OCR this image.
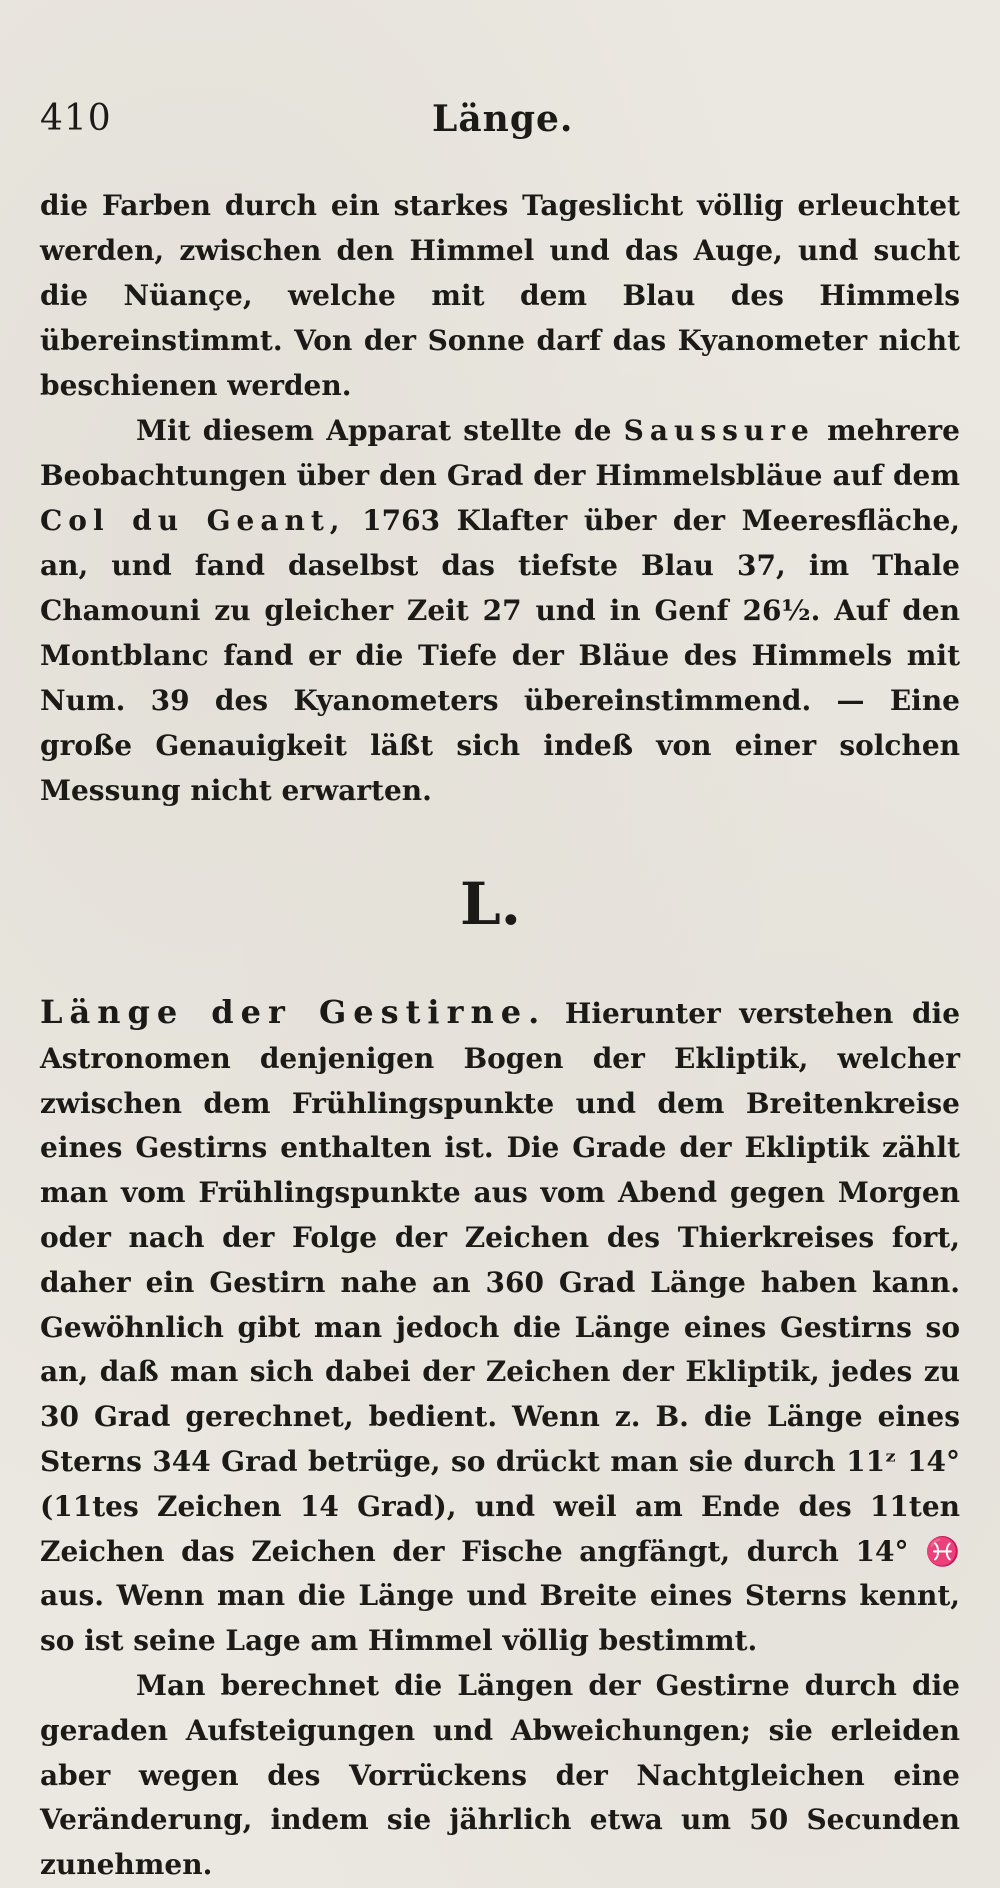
410	Länge.

die Farben durch ein starkes Tageslicht völlig erleuchtet werden, zwischen den Himmel und das Auge, und sucht die Nüançe, welche mit dem Blau des Himmels übereinstimmt. Von der Sonne darf das Kyanometer nicht beschienen werden.

Mit diesem Apparat stellte de Saussure mehrere Beobachtungen über den Grad der Himmelsbläue auf dem Col du Geant, 1763 Klafter über der Meeresfläche, an, und fand daselbst das tiefste Blau 37, im Thale Chamouni zu gleicher Zeit 27 und in Genf 26½. Auf den Montblanc fand er die Tiefe der Bläue des Himmels mit Num. 39 des Kyanometers übereinstimmend. — Eine große Genauigkeit läßt sich indeß von einer solchen Messung nicht erwarten.

L.

Länge der Gestirne. Hierunter verstehen die Astronomen denjenigen Bogen der Ekliptik, welcher zwischen dem Frühlingspunkte und dem Breitenkreise eines Gestirns enthalten ist. Die Grade der Ekliptik zählt man vom Frühlingspunkte aus vom Abend gegen Morgen oder nach der Folge der Zeichen des Thierkreises fort, daher ein Gestirn nahe an 360 Grad Länge haben kann. Gewöhnlich gibt man jedoch die Länge eines Gestirns so an, daß man sich dabei der Zeichen der Ekliptik, jedes zu 30 Grad gerechnet, bedient. Wenn z. B. die Länge eines Sterns 344 Grad betrüge, so drückt man sie durch 11ᶻ 14° (11tes Zeichen 14 Grad), und weil am Ende des 11ten Zeichen das Zeichen der Fische angfängt, durch 14° ♓ aus. Wenn man die Länge und Breite eines Sterns kennt, so ist seine Lage am Himmel völlig bestimmt.

Man berechnet die Längen der Gestirne durch die geraden Aufsteigungen und Abweichungen; sie erleiden aber wegen des Vorrückens der Nachtgleichen eine Veränderung, indem sie jährlich etwa um 50 Secunden zunehmen.
